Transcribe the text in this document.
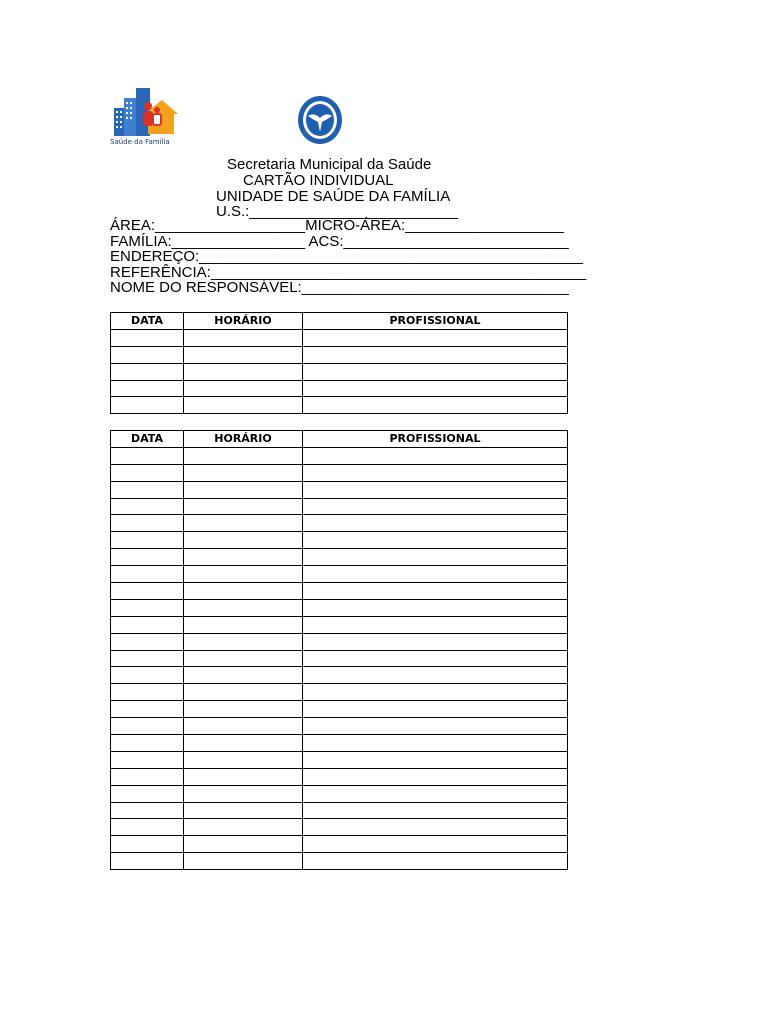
Saúde da Família
Secretaria Municipal da Saúde
CARTÃO INDIVIDUAL
UNIDADE DE SAÚDE DA FAMÍLIA
U.S.:_________________________
ÁREA:__________________MICRO-ÁREA:___________________
FAMÍLIA:________________ ACS:___________________________
ENDEREÇO:______________________________________________
REFERÊNCIA:_____________________________________________
NOME DO RESPONSÁVEL:________________________________
DATA	HORÁRIO	PROFISSIONAL

DATA	HORÁRIO	PROFISSIONAL
